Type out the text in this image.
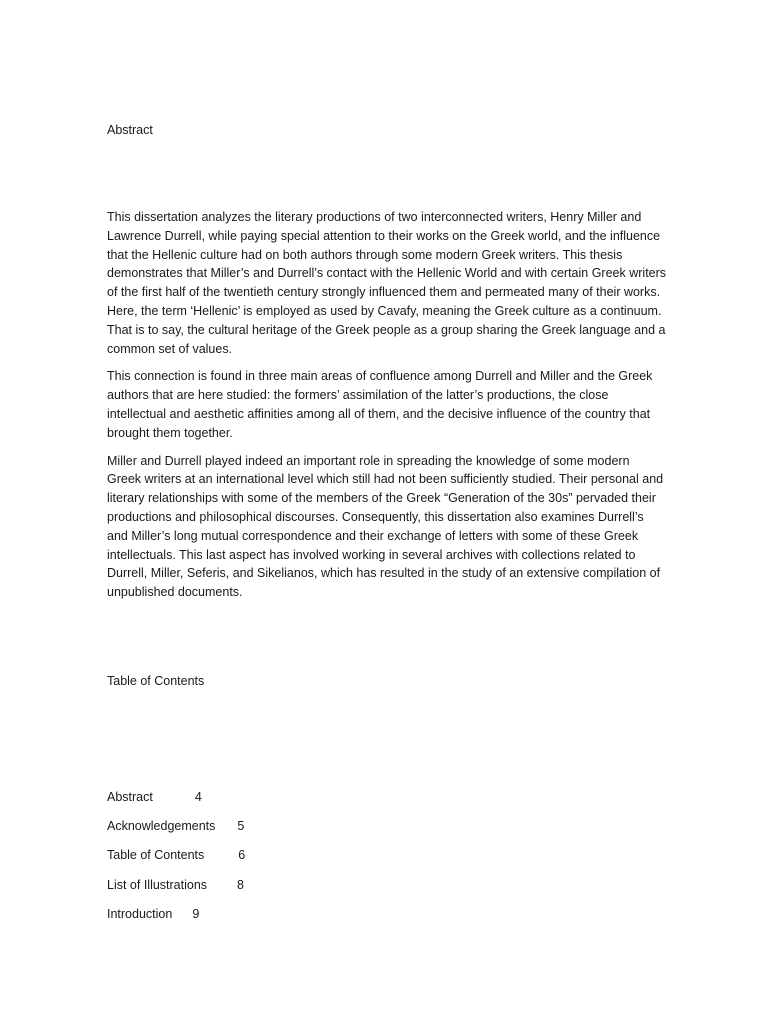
Abstract

This dissertation analyzes the literary productions of two interconnected writers, Henry Miller and Lawrence Durrell, while paying special attention to their works on the Greek world, and the influence that the Hellenic culture had on both authors through some modern Greek writers. This thesis demonstrates that Miller’s and Durrell’s contact with the Hellenic World and with certain Greek writers of the first half of the twentieth century strongly influenced them and permeated many of their works. Here, the term ‘Hellenic’ is employed as used by Cavafy, meaning the Greek culture as a continuum. That is to say, the cultural heritage of the Greek people as a group sharing the Greek language and a common set of values.

This connection is found in three main areas of confluence among Durrell and Miller and the Greek authors that are here studied: the formers’ assimilation of the latter’s productions, the close intellectual and aesthetic affinities among all of them, and the decisive influence of the country that brought them together.

Miller and Durrell played indeed an important role in spreading the knowledge of some modern Greek writers at an international level which still had not been sufficiently studied. Their personal and literary relationships with some of the members of the Greek “Generation of the 30s” pervaded their productions and philosophical discourses. Consequently, this dissertation also examines Durrell’s and Miller’s long mutual correspondence and their exchange of letters with some of these Greek intellectuals. This last aspect has involved working in several archives with collections related to Durrell, Miller, Seferis, and Sikelianos, which has resulted in the study of an extensive compilation of unpublished documents.

Table of Contents
Abstract	4
Acknowledgements 5
Table of Contents	6
List of Illustrations 8
Introduction 9
